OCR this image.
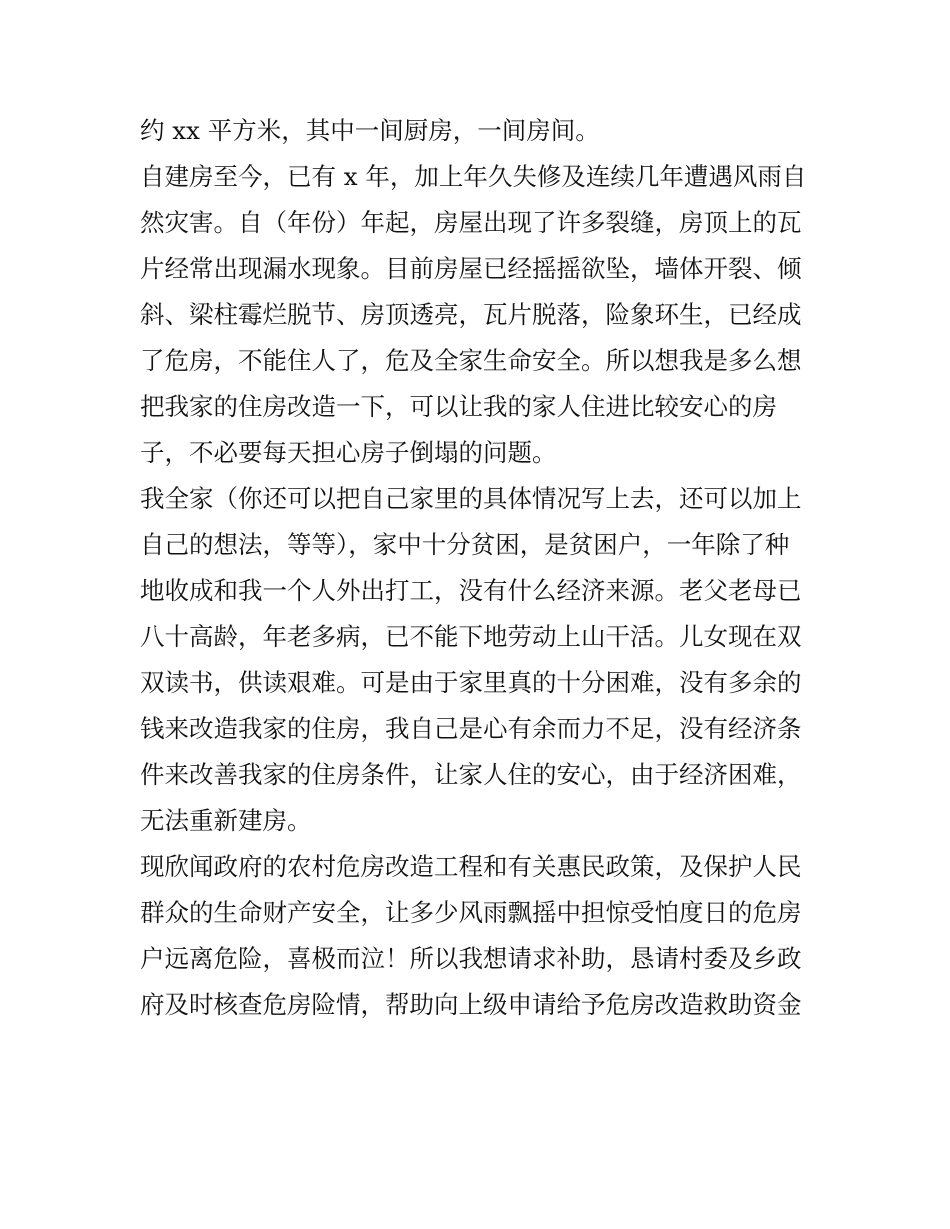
约 xx 平方米，其中一间厨房，一间房间。

自建房至今，已有 x 年，加上年久失修及连续几年遭遇风雨自
然灾害。自（年份）年起，房屋出现了许多裂缝，房顶上的瓦
片经常出现漏水现象。目前房屋已经摇摇欲坠，墙体开裂、倾
斜、梁柱霉烂脱节、房顶透亮，瓦片脱落，险象环生，已经成
了危房，不能住人了，危及全家生命安全。所以想我是多么想
把我家的住房改造一下，可以让我的家人住进比较安心的房
子，不必要每天担心房子倒塌的问题。

我全家（你还可以把自己家里的具体情况写上去，还可以加上
自己的想法，等等），家中十分贫困，是贫困户，一年除了种
地收成和我一个人外出打工，没有什么经济来源。老父老母已
八十高龄，年老多病，已不能下地劳动上山干活。儿女现在双
双读书，供读艰难。可是由于家里真的十分困难，没有多余的
钱来改造我家的住房，我自己是心有余而力不足，没有经济条
件来改善我家的住房条件，让家人住的安心，由于经济困难，
无法重新建房。

现欣闻政府的农村危房改造工程和有关惠民政策，及保护人民
群众的生命财产安全，让多少风雨飘摇中担惊受怕度日的危房
户远离危险，喜极而泣！所以我想请求补助，恳请村委及乡政
府及时核查危房险情，帮助向上级申请给予危房改造救助资金
